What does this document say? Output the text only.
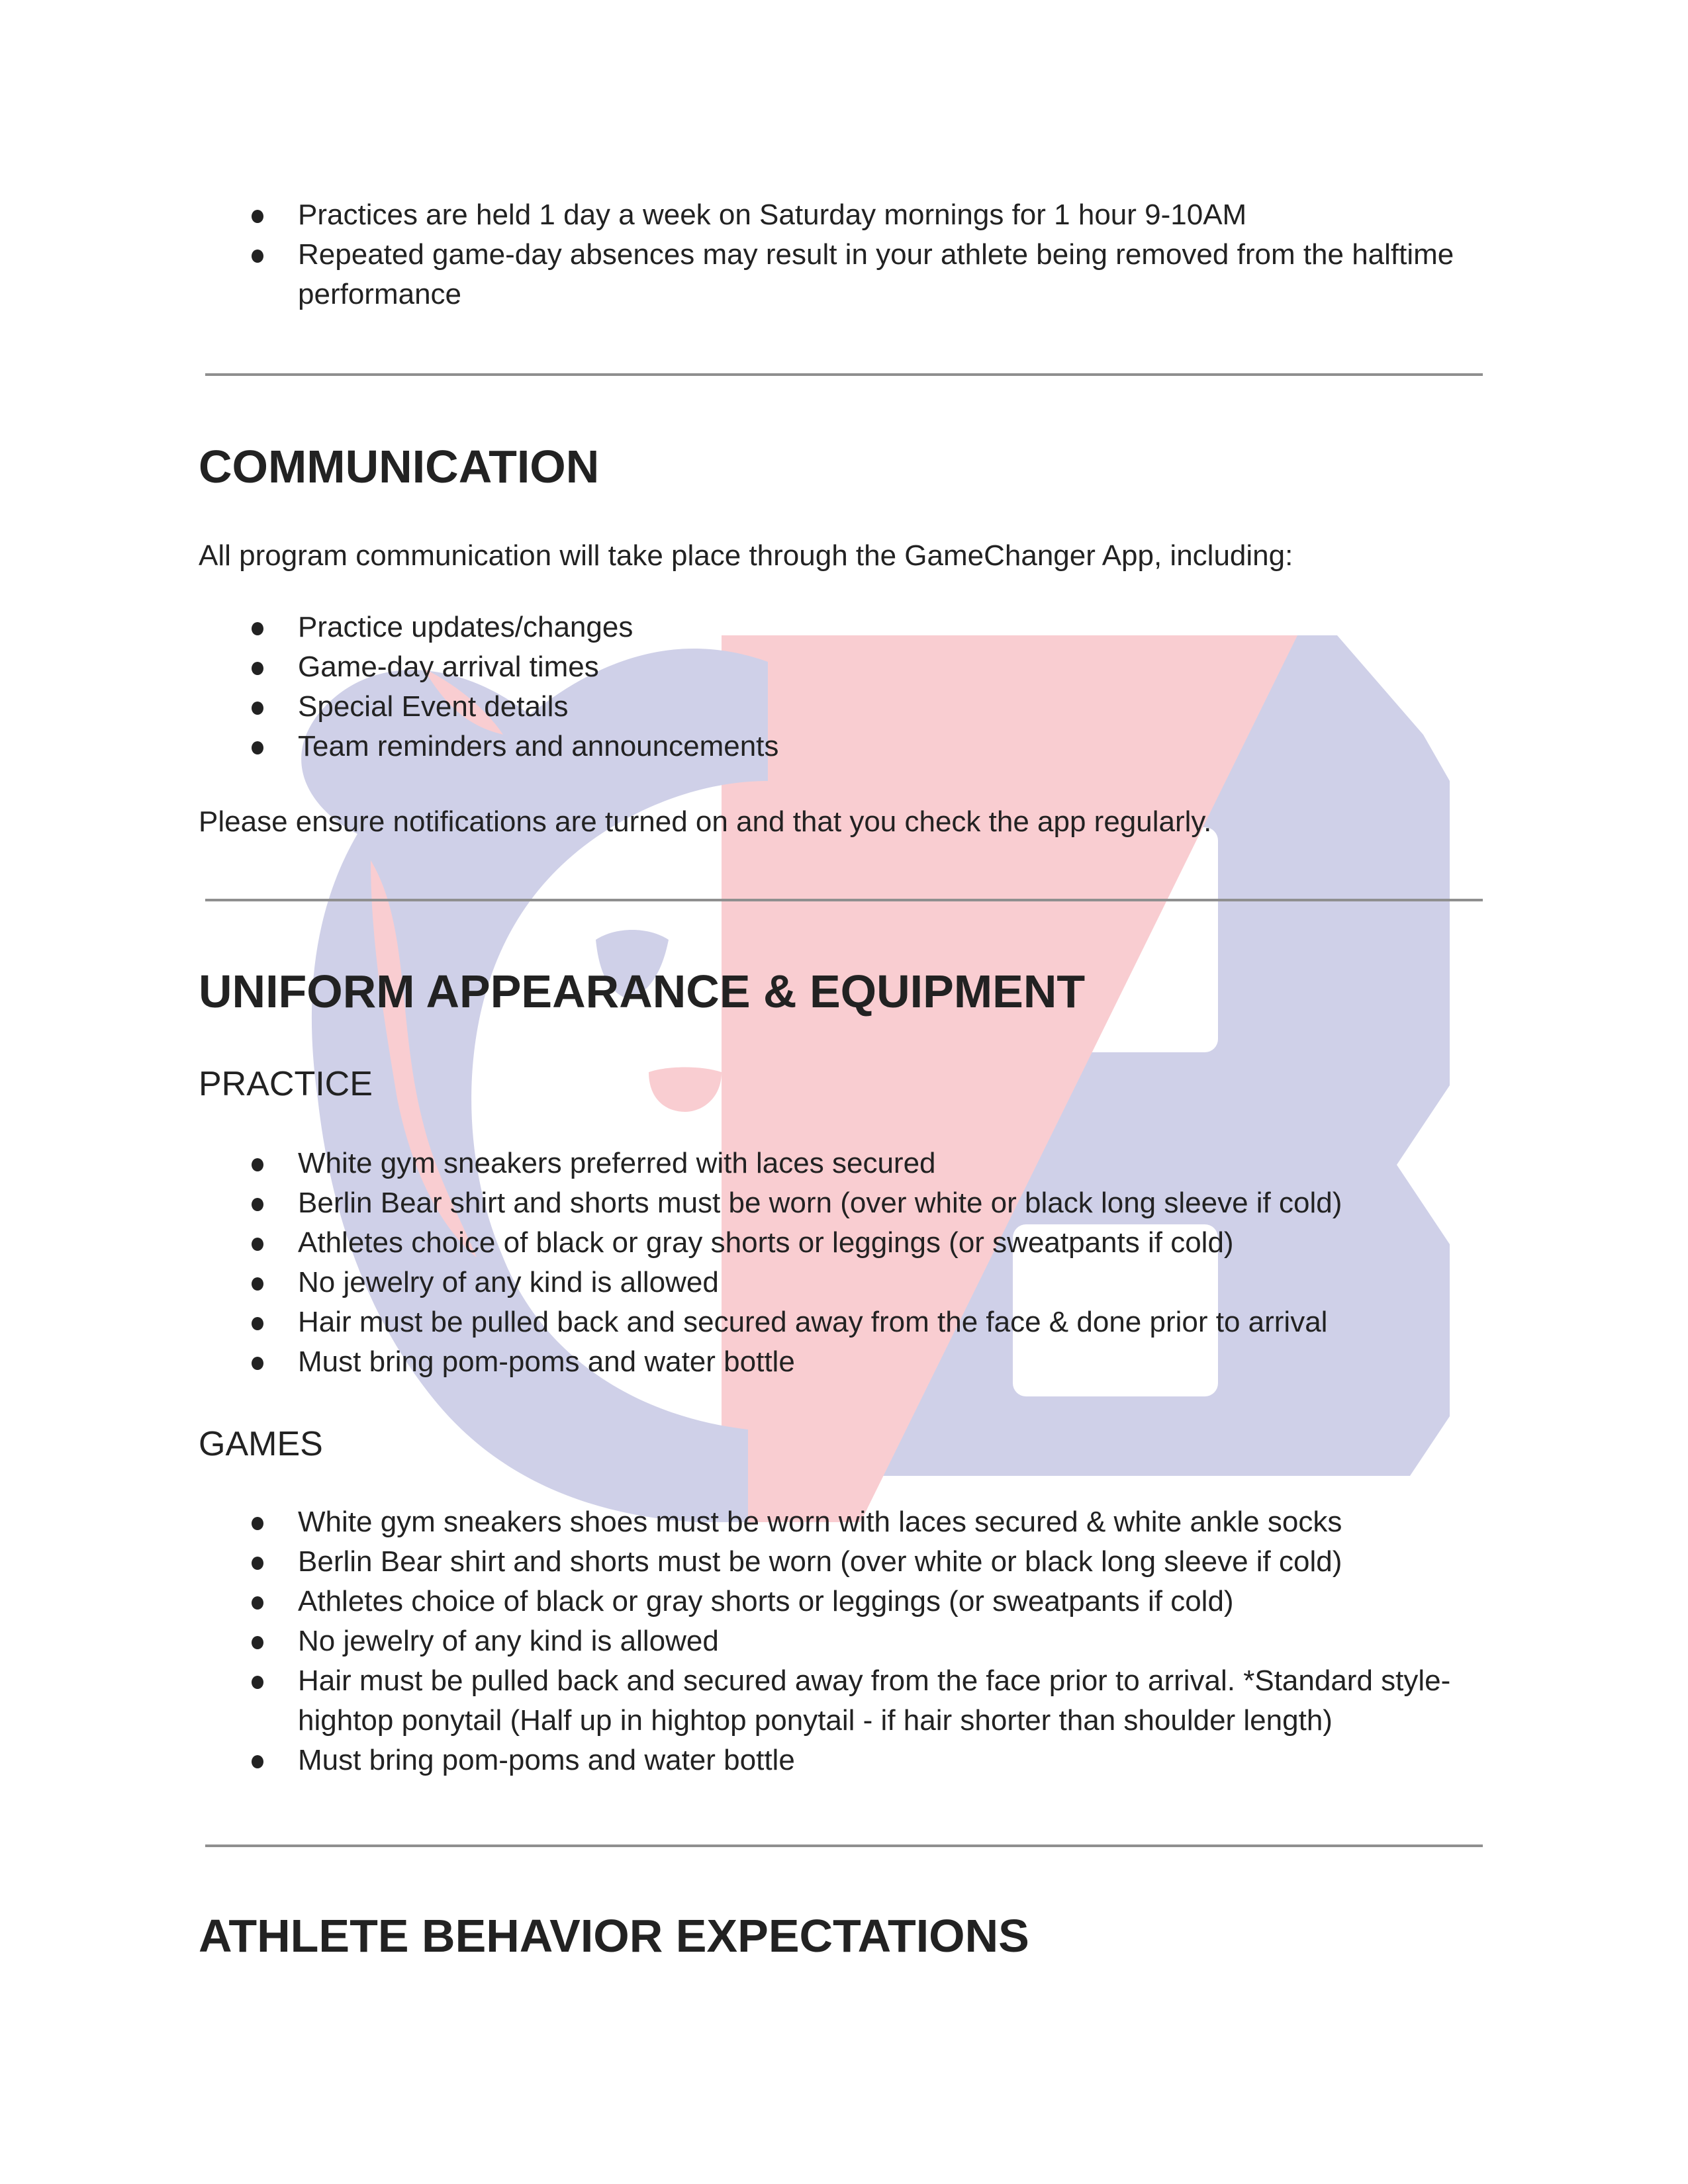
Practices are held 1 day a week on Saturday mornings for 1 hour 9-10AM
Repeated game-day absences may result in your athlete being removed from the halftime performance
COMMUNICATION
All program communication will take place through the GameChanger App, including:
Practice updates/changes
Game-day arrival times
Special Event details
Team reminders and announcements
Please ensure notifications are turned on and that you check the app regularly.
UNIFORM APPEARANCE & EQUIPMENT
PRACTICE
White gym sneakers preferred with laces secured
Berlin Bear shirt and shorts must be worn (over white or black long sleeve if cold)
Athletes choice of black or gray shorts or leggings (or sweatpants if cold)
No jewelry of any kind is allowed
Hair must be pulled back and secured away from the face & done prior to arrival
Must bring pom-poms and water bottle
GAMES
White gym sneakers shoes must be worn with laces secured & white ankle socks
Berlin Bear shirt and shorts must be worn (over white or black long sleeve if cold)
Athletes choice of black or gray shorts or leggings (or sweatpants if cold)
No jewelry of any kind is allowed
Hair must be pulled back and secured away from the face prior to arrival. *Standard style- hightop ponytail (Half up in hightop ponytail - if hair shorter than shoulder length)
Must bring pom-poms and water bottle
ATHLETE BEHAVIOR EXPECTATIONS
